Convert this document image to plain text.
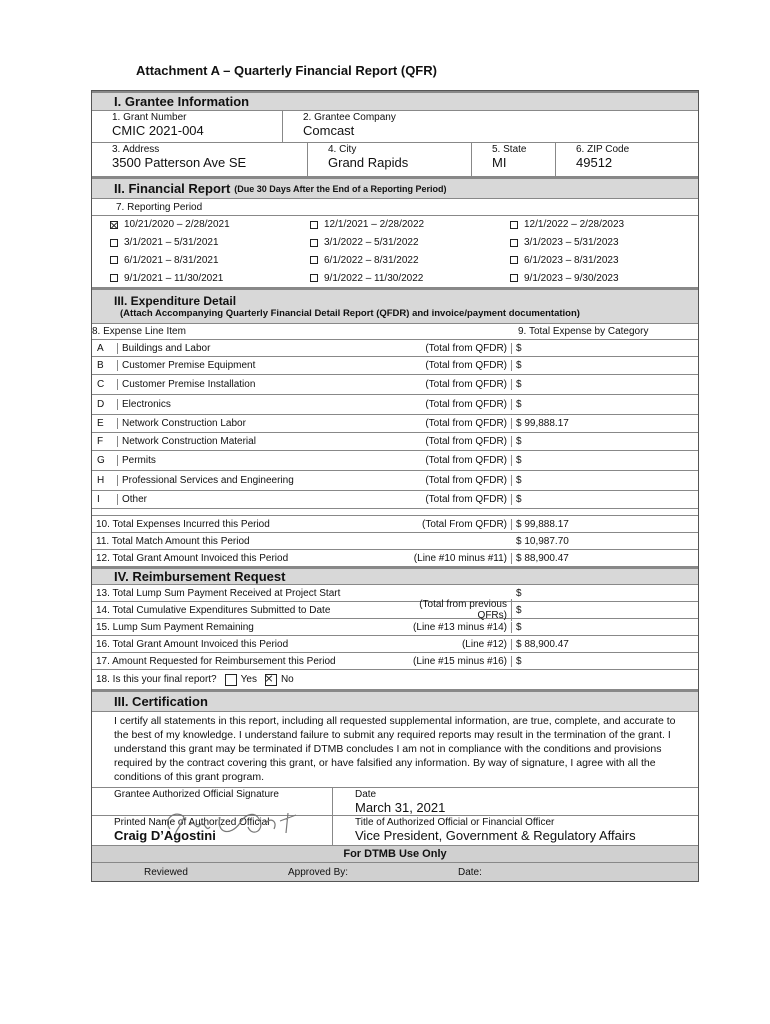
Attachment A – Quarterly Financial Report (QFR)
I. Grantee Information
1. Grant Number
CMIC 2021-004
2. Grantee Company
Comcast
3. Address
3500 Patterson Ave SE
4. City
Grand Rapids
5. State
MI
6. ZIP Code
49512
II. Financial Report (Due 30 Days After the End of a Reporting Period)
7. Reporting Period
10/21/2020 – 2/28/2021	12/1/2021 – 2/28/2022	12/1/2022 – 2/28/2023
3/1/2021 – 5/31/2021	3/1/2022 – 5/31/2022	3/1/2023 – 5/31/2023
6/1/2021 – 8/31/2021	6/1/2022 – 8/31/2022	6/1/2023 – 8/31/2023
9/1/2021 – 11/30/2021	9/1/2022 – 11/30/2022	9/1/2023 – 9/30/2023
III. Expenditure Detail
(Attach Accompanying Quarterly Financial Detail Report (QFDR) and invoice/payment documentation)
8. Expense Line Item	9. Total Expense by Category
A	Buildings and Labor	(Total from QFDR) $
B	Customer Premise Equipment	(Total from QFDR) $
C	Customer Premise Installation	(Total from QFDR) $
D	Electronics	(Total from QFDR) $
E	Network Construction Labor	(Total from QFDR) $ 99,888.17
F	Network Construction Material	(Total from QFDR) $
G	Permits	(Total from QFDR) $
H	Professional Services and Engineering	(Total from QFDR) $
I	Other	(Total from QFDR) $
10. Total Expenses Incurred this Period	(Total From QFDR) $ 99,888.17
11. Total Match Amount this Period	$ 10,987.70
12. Total Grant Amount Invoiced this Period	(Line #10 minus #11) $ 88,900.47
IV. Reimbursement Request
13. Total Lump Sum Payment Received at Project Start	$
14. Total Cumulative Expenditures Submitted to Date	(Total from previous QFRs) $
15. Lump Sum Payment Remaining	(Line #13 minus #14) $
16. Total Grant Amount Invoiced this Period	(Line #12) $ 88,900.47
17. Amount Requested for Reimbursement this Period	(Line #15 minus #16) $
18. Is this your final report?	Yes	No
III. Certification
I certify all statements in this report, including all requested supplemental information, are true, complete, and accurate to the best of my knowledge. I understand failure to submit any required reports may result in the termination of the grant. I understand this grant may be terminated if DTMB concludes I am not in compliance with the conditions and provisions required by the contract covering this grant, or have falsified any information. By way of signature, I agree with all the conditions of this grant program.
Grantee Authorized Official Signature	Date
March 31, 2021
Printed Name of Authorized Official
Craig D’Agostini
Title of Authorized Official or Financial Officer
Vice President, Government & Regulatory Affairs
For DTMB Use Only
Reviewed	Approved By:	Date:
